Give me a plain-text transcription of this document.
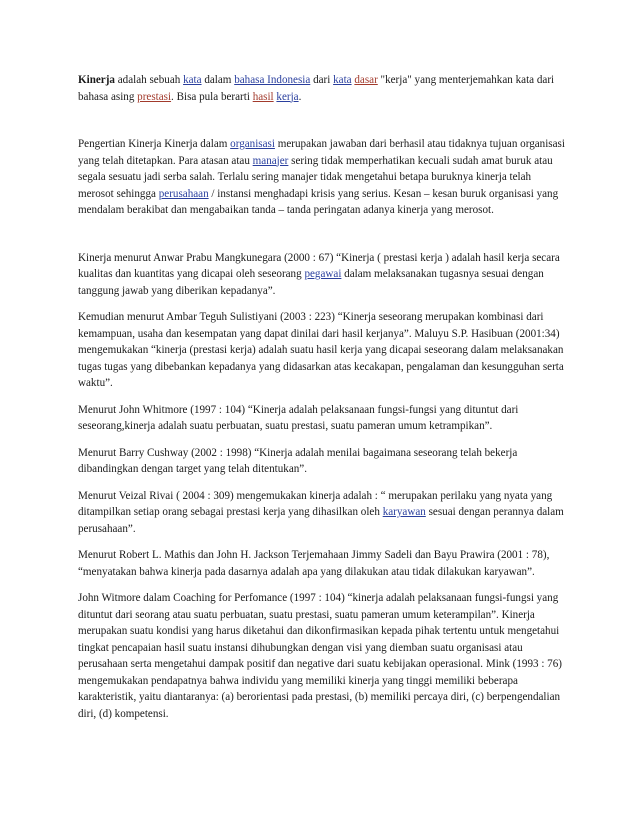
Kinerja adalah sebuah kata dalam bahasa Indonesia dari kata dasar "kerja" yang menterjemahkan kata dari bahasa asing prestasi. Bisa pula berarti hasil kerja.

Pengertian Kinerja Kinerja dalam organisasi merupakan jawaban dari berhasil atau tidaknya tujuan organisasi yang telah ditetapkan. Para atasan atau manajer sering tidak memperhatikan kecuali sudah amat buruk atau segala sesuatu jadi serba salah. Terlalu sering manajer tidak mengetahui betapa buruknya kinerja telah merosot sehingga perusahaan / instansi menghadapi krisis yang serius. Kesan – kesan buruk organisasi yang mendalam berakibat dan mengabaikan tanda – tanda peringatan adanya kinerja yang merosot.

Kinerja menurut Anwar Prabu Mangkunegara (2000 : 67) “Kinerja ( prestasi kerja ) adalah hasil kerja secara kualitas dan kuantitas yang dicapai oleh seseorang pegawai dalam melaksanakan tugasnya sesuai dengan tanggung jawab yang diberikan kepadanya”.

Kemudian menurut Ambar Teguh Sulistiyani (2003 : 223) “Kinerja seseorang merupakan kombinasi dari kemampuan, usaha dan kesempatan yang dapat dinilai dari hasil kerjanya”. Maluyu S.P. Hasibuan (2001:34) mengemukakan “kinerja (prestasi kerja) adalah suatu hasil kerja yang dicapai seseorang dalam melaksanakan tugas tugas yang dibebankan kepadanya yang didasarkan atas kecakapan, pengalaman dan kesungguhan serta waktu”.

Menurut John Whitmore (1997 : 104) “Kinerja adalah pelaksanaan fungsi-fungsi yang dituntut dari seseorang,kinerja adalah suatu perbuatan, suatu prestasi, suatu pameran umum ketrampikan”.

Menurut Barry Cushway (2002 : 1998) “Kinerja adalah menilai bagaimana seseorang telah bekerja dibandingkan dengan target yang telah ditentukan”.

Menurut Veizal Rivai ( 2004 : 309) mengemukakan kinerja adalah : “ merupakan perilaku yang nyata yang ditampilkan setiap orang sebagai prestasi kerja yang dihasilkan oleh karyawan sesuai dengan perannya dalam perusahaan”.

Menurut Robert L. Mathis dan John H. Jackson Terjemahaan Jimmy Sadeli dan Bayu Prawira (2001 : 78), “menyatakan bahwa kinerja pada dasarnya adalah apa yang dilakukan atau tidak dilakukan karyawan”.

John Witmore dalam Coaching for Perfomance (1997 : 104) “kinerja adalah pelaksanaan fungsi-fungsi yang dituntut dari seorang atau suatu perbuatan, suatu prestasi, suatu pameran umum keterampilan”. Kinerja merupakan suatu kondisi yang harus diketahui dan dikonfirmasikan kepada pihak tertentu untuk mengetahui tingkat pencapaian hasil suatu instansi dihubungkan dengan visi yang diemban suatu organisasi atau perusahaan serta mengetahui dampak positif dan negative dari suatu kebijakan operasional. Mink (1993 : 76) mengemukakan pendapatnya bahwa individu yang memiliki kinerja yang tinggi memiliki beberapa karakteristik, yaitu diantaranya: (a) berorientasi pada prestasi, (b) memiliki percaya diri, (c) berpengendalian diri, (d) kompetensi.
